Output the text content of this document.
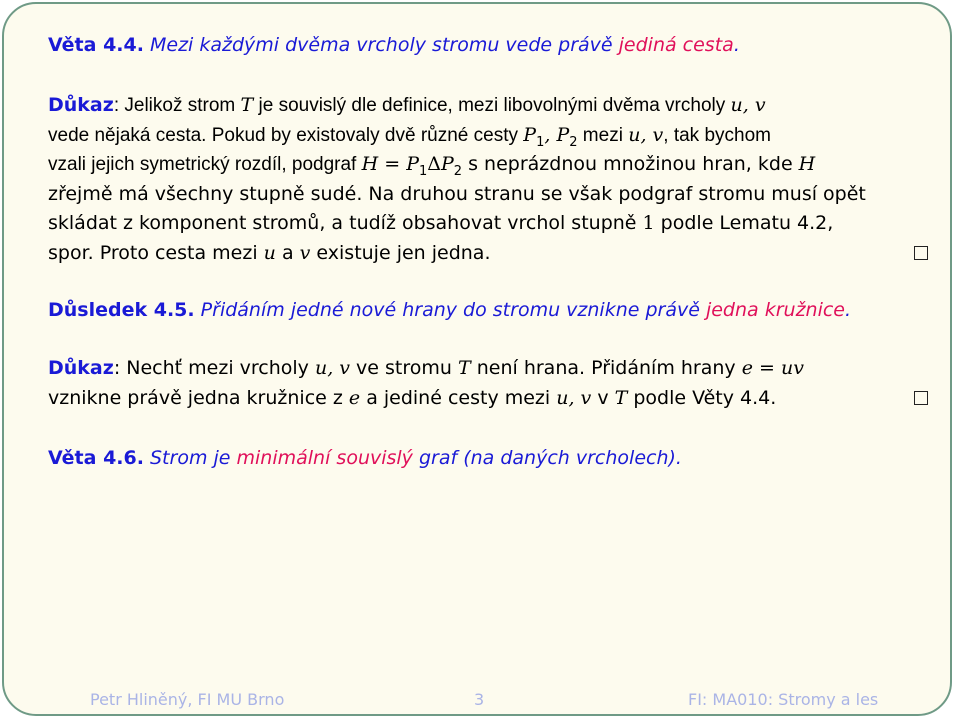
Věta 4.4. Mezi každými dvěma vrcholy stromu vede právě jediná cesta.

Důkaz: Jelikož strom T je souvislý dle definice, mezi libovolnými dvěma vrcholy u, v
vede nějaká cesta. Pokud by existovaly dvě různé cesty $P_1$, $P_2$ mezi u, v, tak bychom
vzali jejich symetrický rozdíl, podgraf $H = P_1\Delta P_2$ s neprázdnou množinou hran, kde H
zřejmě má všechny stupně sudé. Na druhou stranu se však podgraf stromu musí opět
skládat z komponent stromů, a tudíž obsahovat vrchol stupně 1 podle Lematu 4.2,
spor. Proto cesta mezi u a v existuje jen jedna.

Důsledek 4.5. Přidáním jedné nové hrany do stromu vznikne právě jedna kružnice.

Důkaz: Nechť mezi vrcholy u, v ve stromu T není hrana. Přidáním hrany e = uv
vznikne právě jedna kružnice z e a jediné cesty mezi u, v v T podle Věty 4.4.

Věta 4.6. Strom je minimální souvislý graf (na daných vrcholech).

Petr Hliněný, FI MU Brno	3	FI: MA010: Stromy a les
